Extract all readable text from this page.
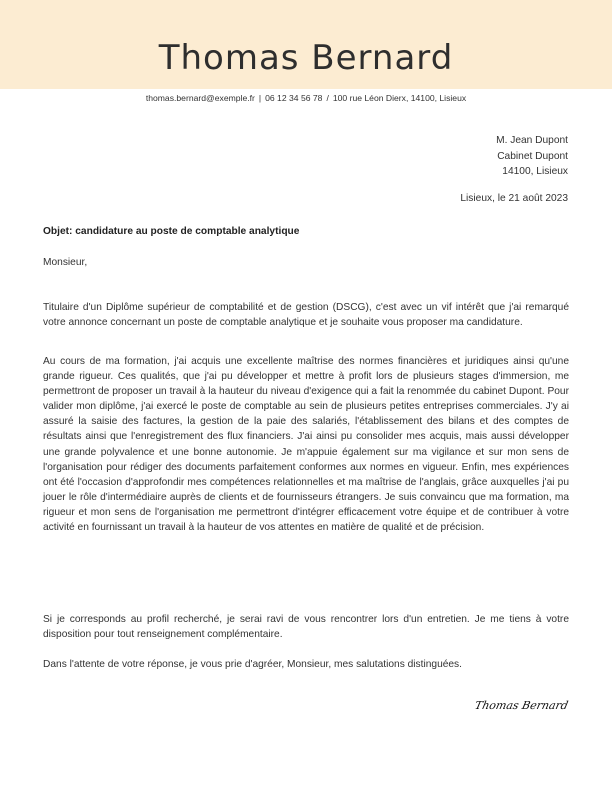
Thomas Bernard
thomas.bernard@exemple.fr | 06 12 34 56 78 / 100 rue Léon Dierx, 14100, Lisieux
M. Jean Dupont
Cabinet Dupont
14100, Lisieux
Lisieux, le 21 août 2023
Objet: candidature au poste de comptable analytique
Monsieur,

Titulaire d'un Diplôme supérieur de comptabilité et de gestion (DSCG), c'est avec un vif intérêt que j'ai remarqué votre annonce concernant un poste de comptable analytique et je souhaite vous proposer ma candidature.

Au cours de ma formation, j'ai acquis une excellente maîtrise des normes financières et juridiques ainsi qu'une grande rigueur. Ces qualités, que j'ai pu développer et mettre à profit lors de plusieurs stages d'immersion, me permettront de proposer un travail à la hauteur du niveau d'exigence qui a fait la renommée du cabinet Dupont. Pour valider mon diplôme, j'ai exercé le poste de comptable au sein de plusieurs petites entreprises commerciales. J'y ai assuré la saisie des factures, la gestion de la paie des salariés, l'établissement des bilans et des comptes de résultats ainsi que l'enregistrement des flux financiers. J'ai ainsi pu consolider mes acquis, mais aussi développer une grande polyvalence et une bonne autonomie. Je m'appuie également sur ma vigilance et sur mon sens de l'organisation pour rédiger des documents parfaitement conformes aux normes en vigueur. Enfin, mes expériences ont été l'occasion d'approfondir mes compétences relationnelles et ma maîtrise de l'anglais, grâce auxquelles j'ai pu jouer le rôle d'intermédiaire auprès de clients et de fournisseurs étrangers. Je suis convaincu que ma formation, ma rigueur et mon sens de l'organisation me permettront d'intégrer efficacement votre équipe et de contribuer à votre activité en fournissant un travail à la hauteur de vos attentes en matière de qualité et de précision.

Si je corresponds au profil recherché, je serai ravi de vous rencontrer lors d'un entretien. Je me tiens à votre disposition pour tout renseignement complémentaire.

Dans l'attente de votre réponse, je vous prie d'agréer, Monsieur, mes salutations distinguées.

Thomas Bernard
